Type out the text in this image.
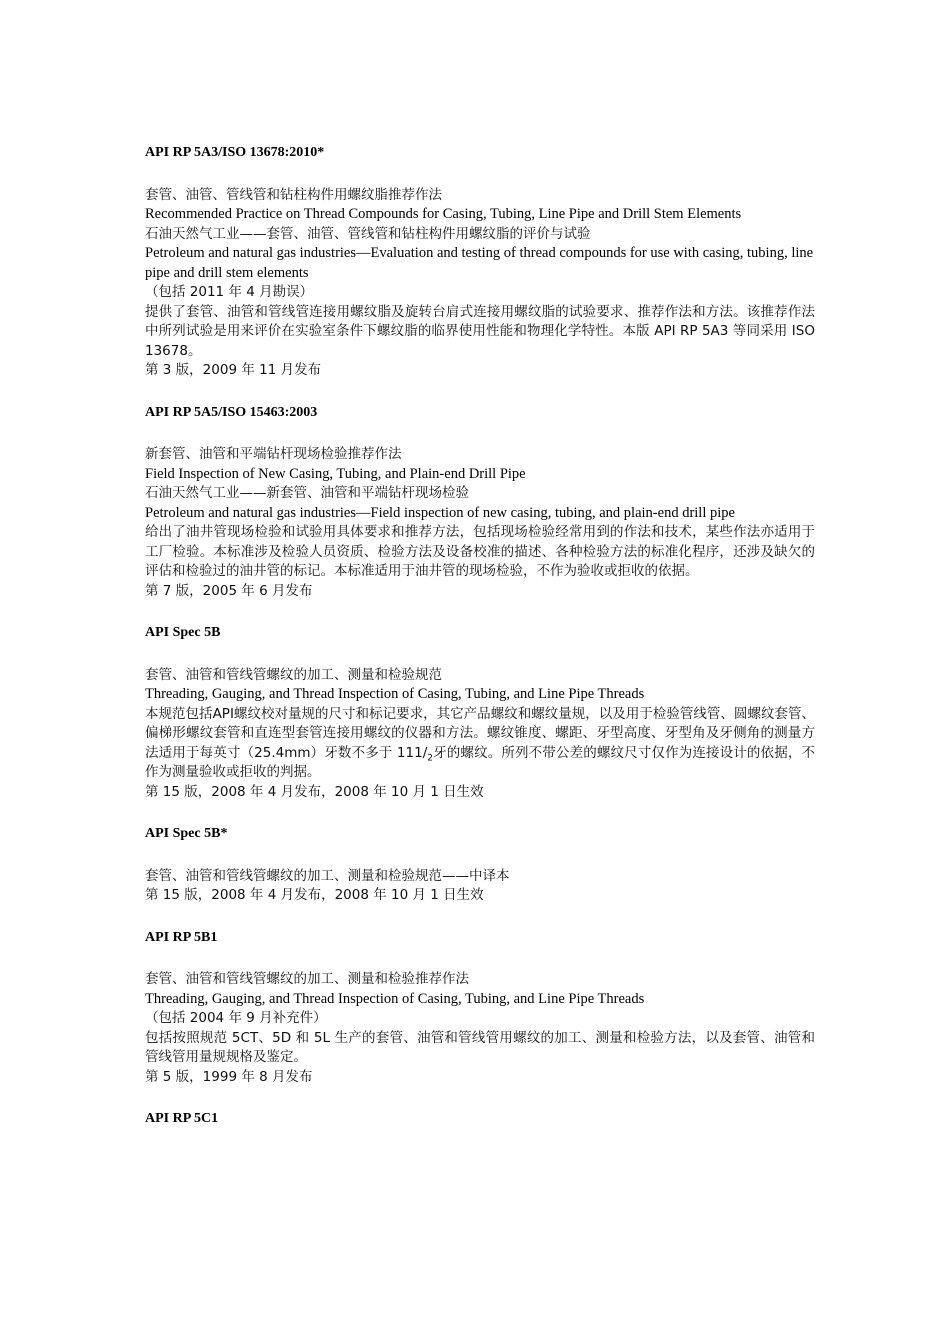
API RP 5A3/ISO 13678:2010*

套管、油管、管线管和钻柱构件用螺纹脂推荐作法

Recommended Practice on Thread Compounds for Casing, Tubing, Line Pipe and Drill Stem Elements

石油天然气工业——套管、油管、管线管和钻柱构件用螺纹脂的评价与试验

Petroleum and natural gas industries—Evaluation and testing of thread compounds for use with casing, tubing, line pipe and drill stem elements

（包括 2011 年 4 月勘误）

提供了套管、油管和管线管连接用螺纹脂及旋转台肩式连接用螺纹脂的试验要求、推荐作法和方法。该推荐作法中所列试验是用来评价在实验室条件下螺纹脂的临界使用性能和物理化学特性。本版 API RP 5A3 等同采用 ISO 13678。

第 3 版，2009 年 11 月发布

API RP 5A5/ISO 15463:2003

新套管、油管和平端钻杆现场检验推荐作法

Field Inspection of New Casing, Tubing, and Plain-end Drill Pipe

石油天然气工业——新套管、油管和平端钻杆现场检验

Petroleum and natural gas industries—Field inspection of new casing, tubing, and plain-end drill pipe

给出了油井管现场检验和试验用具体要求和推荐方法，包括现场检验经常用到的作法和技术，某些作法亦适用于工厂检验。本标准涉及检验人员资质、检验方法及设备校准的描述、各种检验方法的标准化程序，还涉及缺欠的评估和检验过的油井管的标记。本标准适用于油井管的现场检验，不作为验收或拒收的依据。

第 7 版，2005 年 6 月发布

API Spec 5B

套管、油管和管线管螺纹的加工、测量和检验规范

Threading, Gauging, and Thread Inspection of Casing, Tubing, and Line Pipe Threads

本规范包括API螺纹校对量规的尺寸和标记要求，其它产品螺纹和螺纹量规，以及用于检验管线管、圆螺纹套管、偏梯形螺纹套管和直连型套管连接用螺纹的仪器和方法。螺纹锥度、螺距、牙型高度、牙型角及牙侧角的测量方法适用于每英寸（25.4mm）牙数不多于 $111/_2$牙的螺纹。所列不带公差的螺纹尺寸仅作为连接设计的依据，不作为测量验收或拒收的判据。

第 15 版，2008 年 4 月发布，2008 年 10 月 1 日生效

API Spec 5B*

套管、油管和管线管螺纹的加工、测量和检验规范——中译本

第 15 版，2008 年 4 月发布，2008 年 10 月 1 日生效

API RP 5B1

套管、油管和管线管螺纹的加工、测量和检验推荐作法

Threading, Gauging, and Thread Inspection of Casing, Tubing, and Line Pipe Threads

（包括 2004 年 9 月补充件）

包括按照规范 5CT、5D 和 5L 生产的套管、油管和管线管用螺纹的加工、测量和检验方法，以及套管、油管和管线管用量规规格及鉴定。

第 5 版，1999 年 8 月发布

API RP 5C1
